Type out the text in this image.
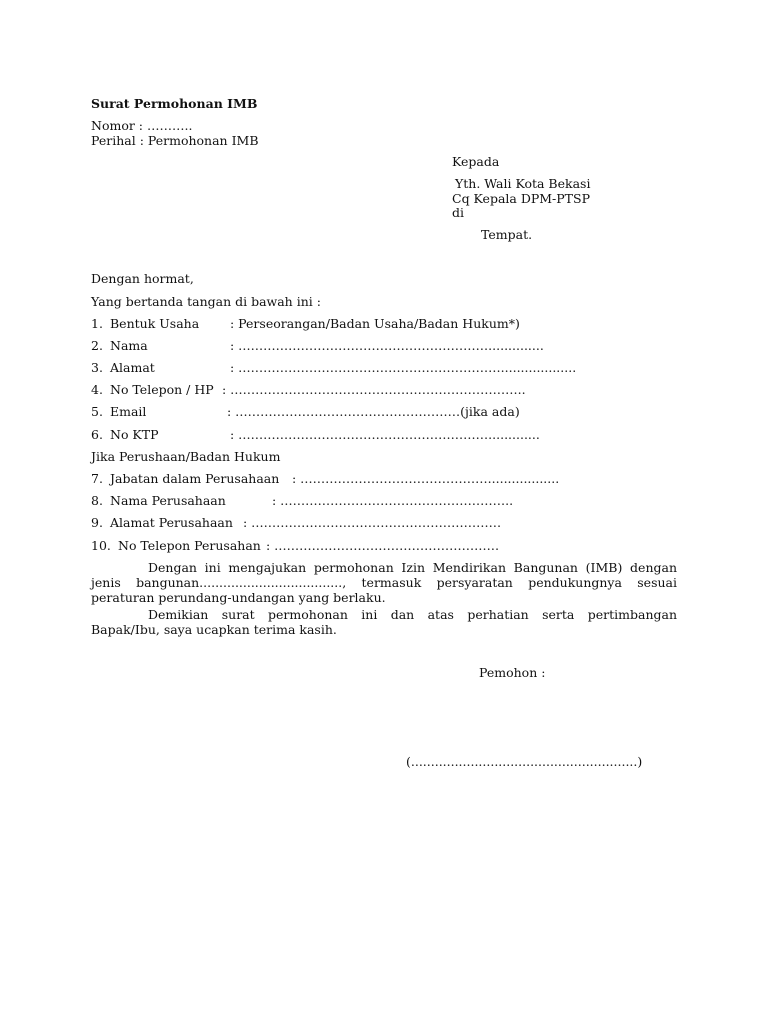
Surat Permohonan IMB
Nomor : ………..
Perihal : Permohonan IMB
Kepada
Yth. Wali Kota Bekasi
Cq Kepala DPM-PTSP
di
Tempat.
Dengan hormat,
Yang bertanda tangan di bawah ini :
1. Bentuk Usaha : Perseorangan/Badan Usaha/Badan Hukum*)
2. Nama	: ……………………………………………………..............
3. Alamat	: ………………………………………………………...................
4. No Telepon / HP : ……………………………………………………………..
5. Email	: ………………………………………………(jika ada)
6. No KTP	: …………………………………………………….............
Jika Perushaan/Badan Hukum
7. Jabatan dalam Perusahaan : ………………………………………..................
8. Nama Perusahaan	: ………………………………………………..
9. Alamat Perusahaan : ……………………………………………………
10. No Telepon Perusahan : ………………………………………………
Dengan ini mengajukan permohonan Izin Mendirikan Bangunan (IMB) dengan
jenis bangunan...................................., termasuk persyaratan pendukungnya sesuai
peraturan perundang-undangan yang berlaku.
Demikian surat permohonan ini dan atas perhatian serta pertimbangan
Bapak/Ibu, saya ucapkan terima kasih.
Pemohon :
(.........................................................)
